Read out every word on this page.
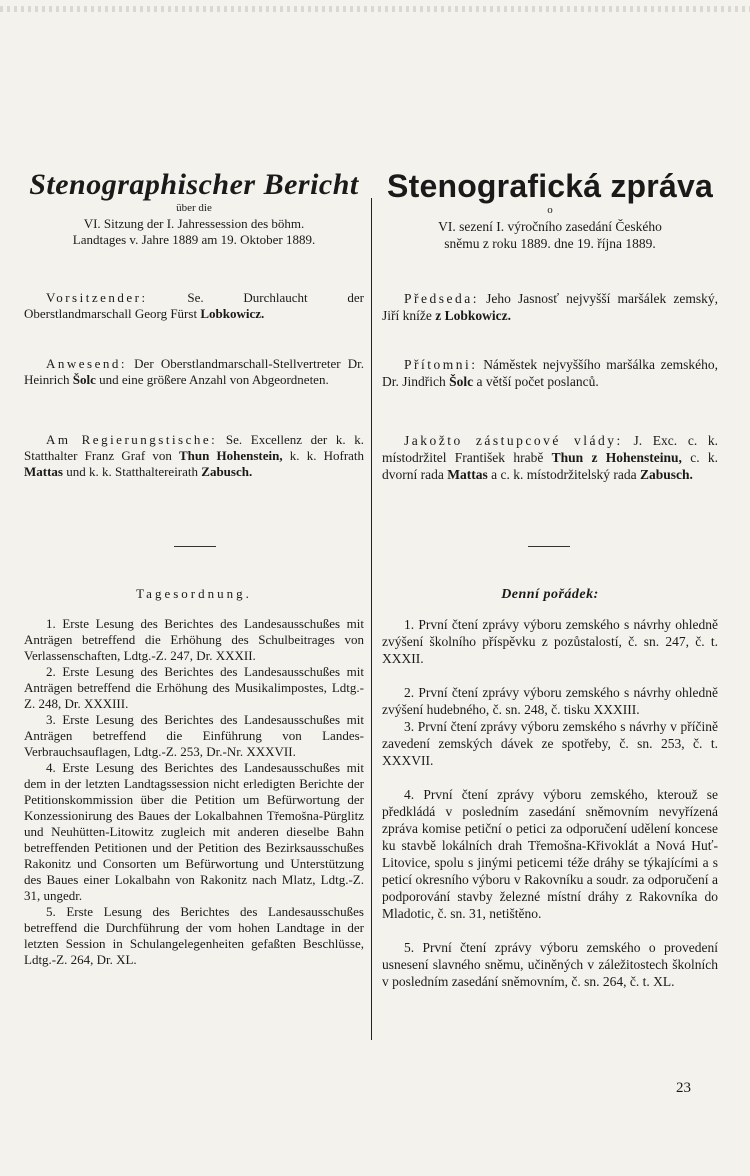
Stenographischer Bericht
über die

VI. Sitzung der I. Jahressession des böhm.

Landtages v. Jahre 1889 am 19. Oktober 1889.

Vorsitzender:	Se. Durchlaucht der Oberstlandmarschall Georg Fürst Lobkowicz.

Anwesend: Der Oberstlandmarschall-Stellvertreter Dr. Heinrich Šolc und eine größere Anzahl von Abgeordneten.

Am Regierungstische: Se. Excellenz der k. k. Statthalter Franz Graf von Thun Hohenstein, k. k. Hofrath Mattas und k. k. Statthaltereirath Zabusch.

Tagesordnung.

1. Erste Lesung des Berichtes des Landesausschußes mit Anträgen betreffend die Erhöhung des Schulbeitrages von Verlassenschaften, Ldtg.-Z. 247, Dr. XXXII.

2. Erste Lesung des Berichtes des Landesausschußes mit Anträgen betreffend die Erhöhung des Musikalimpostes, Ldtg.-Z. 248, Dr. XXXIII.

3. Erste Lesung des Berichtes des Landesausschußes mit Anträgen betreffend die Einführung von Landes-Verbrauchsauflagen, Ldtg.-Z. 253, Dr.-Nr. XXXVII.

4. Erste Lesung des Berichtes des Landesausschußes mit dem in der letzten Landtagssession nicht erledigten Berichte der Petitionskommission über die Petition um Befürwortung der Konzessionirung des Baues der Lokalbahnen Třemošna-Pürglitz und Neuhütten-Litowitz zugleich mit anderen dieselbe Bahn betreffenden Petitionen und der Petition des Bezirksausschußes Rakonitz und Consorten um Befürwortung und Unterstützung des Baues einer Lokalbahn von Rakonitz nach Mlatz, Ldtg.-Z. 31, ungedr.

5. Erste Lesung des Berichtes des Landesausschußes betreffend die Durchführung der vom hohen Landtage in der letzten Session in Schulangelegenheiten gefaßten Beschlüsse, Ldtg.-Z. 264, Dr. XL.

Stenografická zpráva
o

VI. sezení I. výročního zasedání Českého

sněmu z roku 1889. dne 19. října 1889.

Předseda: Jeho Jasnosť nejvyšší maršálek zemský, Jiří kníže z Lobkowicz.

Přítomni: Náměstek nejvyššího maršálka zemského, Dr. Jindřich Šolc a větší počet poslanců.

Jakožto zástupcové vlády: J. Exc. c. k. místodržitel František hrabě Thun z Hohensteinu, c. k. dvorní rada Mattas a c. k. místodržitelský rada Zabusch.

Denní pořádek:

1. První čtení zprávy výboru zemského s návrhy ohledně zvýšení školního příspěvku z pozůstalostí, č. sn. 247, č. t. XXXII.

2. První čtení zprávy výboru zemského s návrhy ohledně zvýšení hudebného, č. sn. 248, č. tisku XXXIII.

3. První čtení zprávy výboru zemského s návrhy v příčině zavedení zemských dávek ze spotřeby, č. sn. 253, č. t. XXXVII.

4. První čtení zprávy výboru zemského, kterouž se předkládá v posledním zasedání sněmovním nevyřízená zpráva komise petiční o petici za odporučení udělení koncese ku stavbě lokálních drah Třemošna-Křivoklát a Nová Huť-Litovice, spolu s jinými peticemi téže dráhy se týkajícími a s peticí okresního výboru v Rakovníku a soudr. za odporučení a podporování stavby železné místní dráhy z Rakovníka do Mladotic, č. sn. 31, netištěno.

5. První čtení zprávy výboru zemského o provedení usnesení slavného sněmu, učiněných v záležitostech školních v posledním zasedání sněmovním, č. sn. 264, č. t. XL.

23
